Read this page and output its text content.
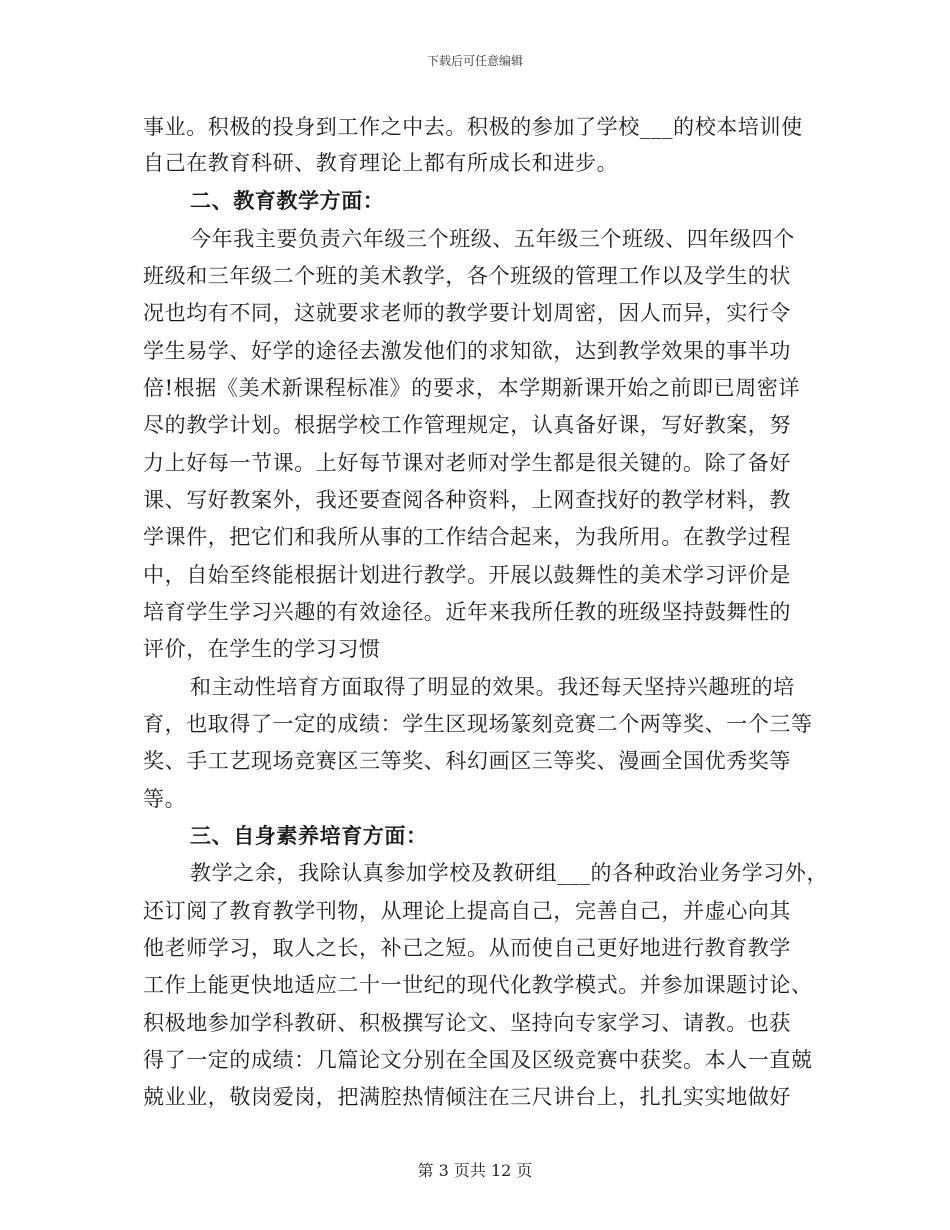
下载后可任意编辑
事业。积极的投身到工作之中去。积极的参加了学校___的校本培训使
自己在教育科研、教育理论上都有所成长和进步。
二、教育教学方面：
今年我主要负责六年级三个班级、五年级三个班级、四年级四个
班级和三年级二个班的美术教学，各个班级的管理工作以及学生的状
况也均有不同，这就要求老师的教学要计划周密，因人而异，实行令
学生易学、好学的途径去激发他们的求知欲，达到教学效果的事半功
倍!根据《美术新课程标准》的要求，本学期新课开始之前即已周密详
尽的教学计划。根据学校工作管理规定，认真备好课，写好教案，努
力上好每一节课。上好每节课对老师对学生都是很关键的。除了备好
课、写好教案外，我还要查阅各种资料，上网查找好的教学材料，教
学课件，把它们和我所从事的工作结合起来，为我所用。在教学过程
中，自始至终能根据计划进行教学。开展以鼓舞性的美术学习评价是
培育学生学习兴趣的有效途径。近年来我所任教的班级坚持鼓舞性的
评价，在学生的学习习惯
和主动性培育方面取得了明显的效果。我还每天坚持兴趣班的培
育，也取得了一定的成绩：学生区现场篆刻竞赛二个两等奖、一个三等
奖、手工艺现场竞赛区三等奖、科幻画区三等奖、漫画全国优秀奖等
等。
三、自身素养培育方面：
教学之余，我除认真参加学校及教研组___的各种政治业务学习外，
还订阅了教育教学刊物，从理论上提高自己，完善自己，并虚心向其
他老师学习，取人之长，补己之短。从而使自己更好地进行教育教学
工作上能更快地适应二十一世纪的现代化教学模式。并参加课题讨论、
积极地参加学科教研、积极撰写论文、坚持向专家学习、请教。也获
得了一定的成绩：几篇论文分别在全国及区级竞赛中获奖。本人一直兢
兢业业，敬岗爱岗，把满腔热情倾注在三尺讲台上，扎扎实实地做好
第 3 页共 12 页
